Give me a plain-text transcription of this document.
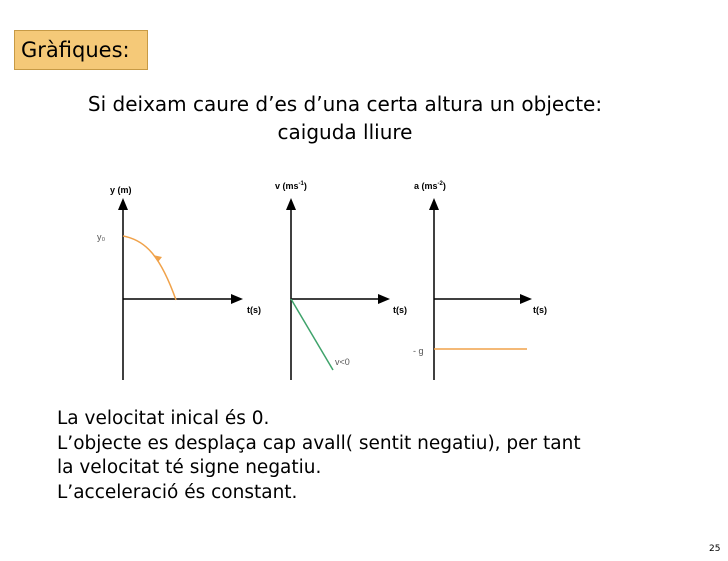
Gràfiques:
Si deixam caure d’es d’una certa altura un objecte:
caiguda lliure
y (m)
t(s)
y₀
v $(ms^{-1})$
t(s)
v<0
a $(ms^{-2})$
t(s)
- g
La velocitat inical és 0.
L’objecte es desplaça cap avall( sentit negatiu), per tant
la velocitat té signe negatiu.
L’acceleració és constant.
25
